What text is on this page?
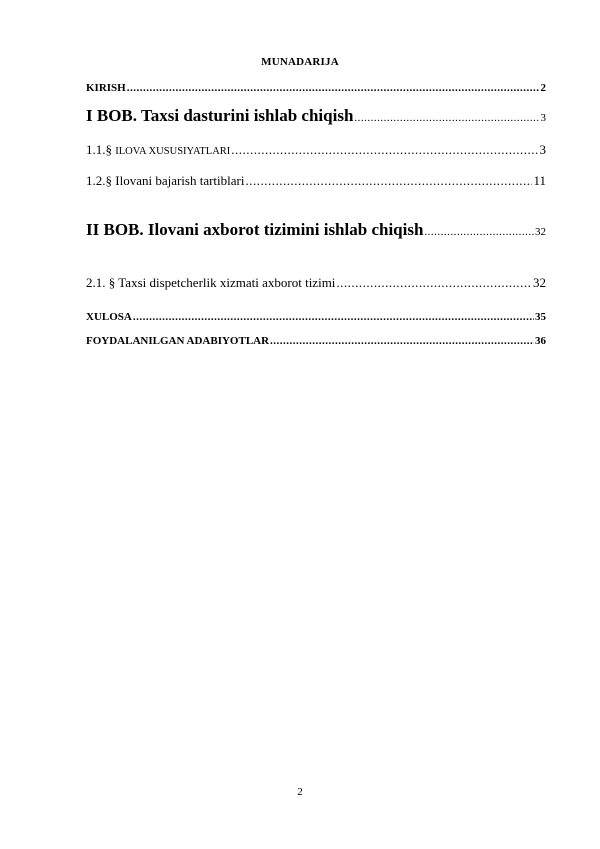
MUNADARIJA
KIRISH .....	2
I BOB. Taxsi dasturini ishlab chiqish .....	3
1.1.§ ILOVA XUSUSIYATLARI .....	3
1.2.§ Ilovani bajarish tartiblari .....	11
II BOB. Ilovani axborot tizimini ishlab chiqish .....	32
2.1. § Taxsi dispetcherlik xizmati axborot tizimi .....	32
XULOSA .....	35
FOYDALANILGAN ADABIYOTLAR .....	36
2
